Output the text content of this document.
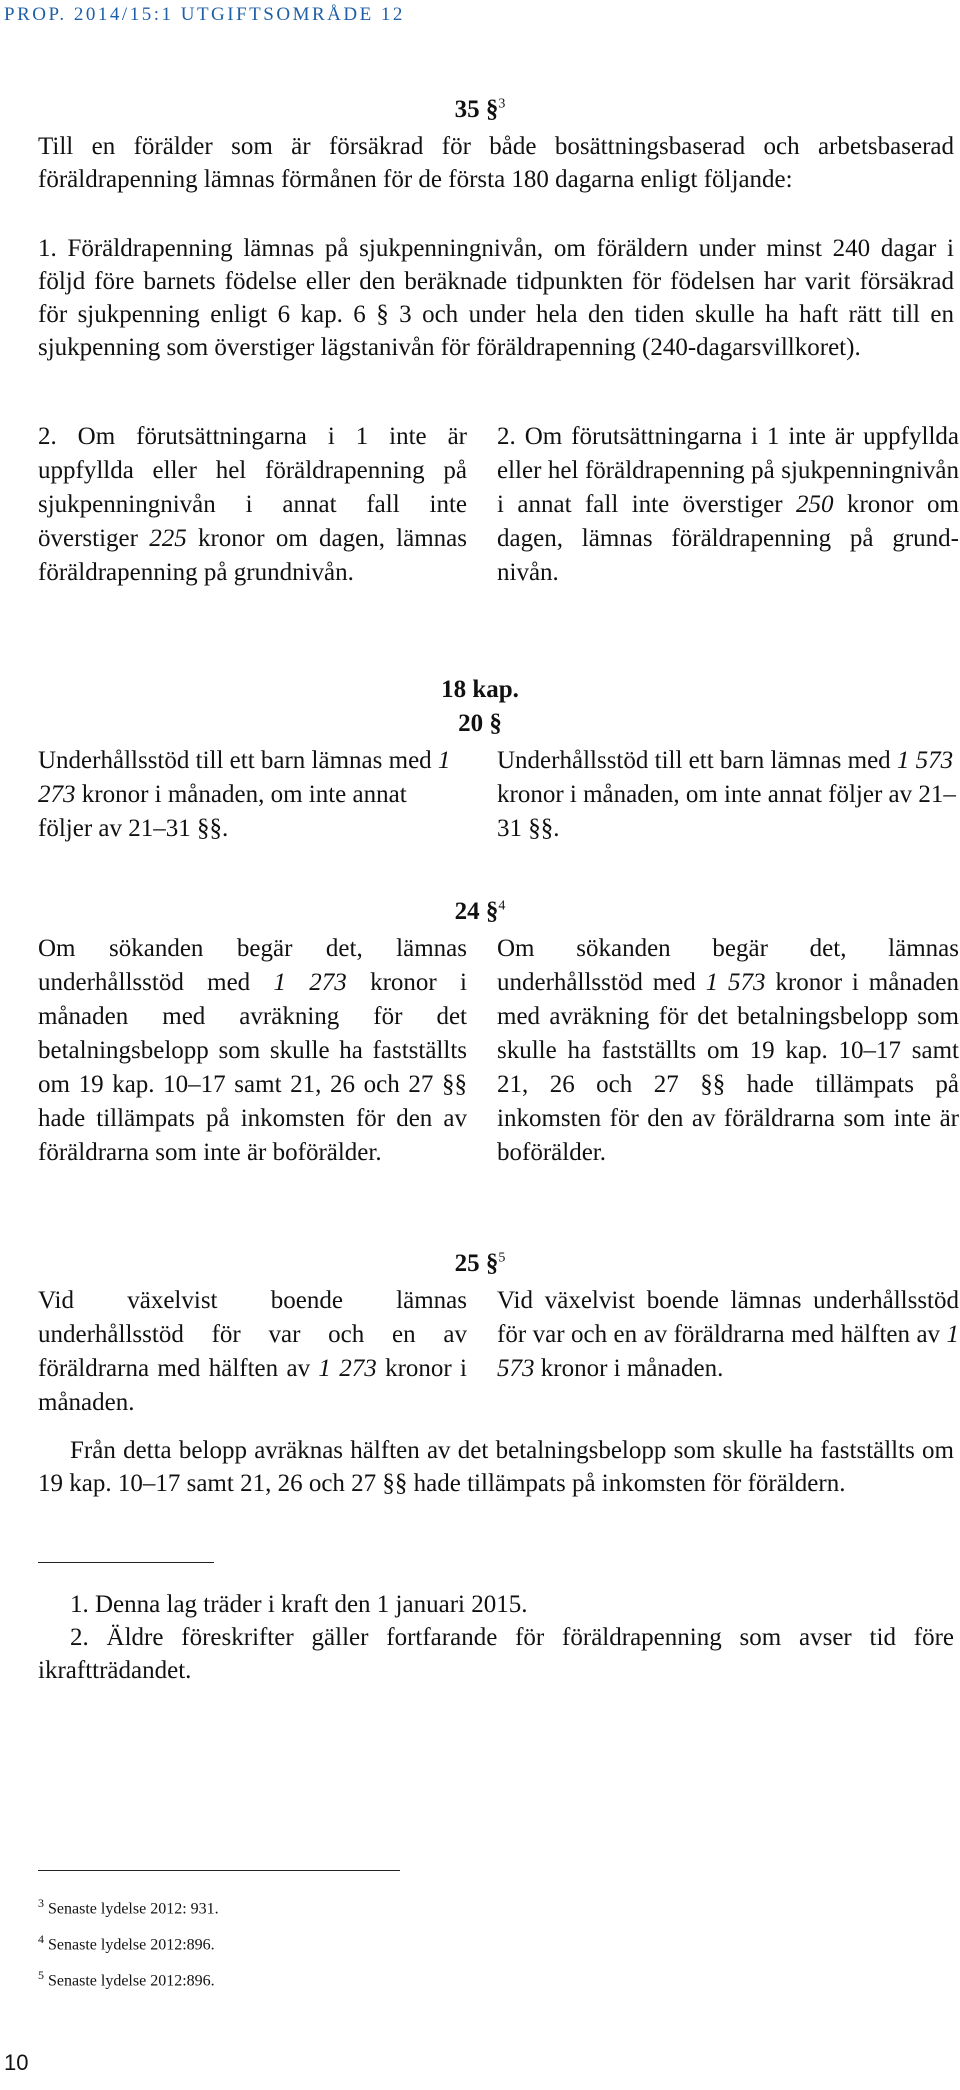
PROP. 2014/15:1 UTGIFTSOMRÅDE 12
35 §$^3$

Till en förälder som är försäkrad för både bosättningsbaserad och arbetsbaserad föräldrapenning lämnas förmånen för de första 180 dagarna enligt följande:

1. Föräldrapenning lämnas på sjukpenningnivån, om föräldern under minst 240 dagar i följd före barnets födelse eller den beräknade tidpunkten för födelsen har varit försäkrad för sjukpenning enligt 6 kap. 6 § 3 och under hela den tiden skulle ha haft rätt till en sjukpenning som överstiger lägstanivån för föräldrapenning (240-dagarsvillkoret).

2. Om förutsättningarna i 1 inte är uppfyllda eller hel föräldrapenning på sjukpenningnivån i annat fall inte överstiger 225 kronor om dagen, lämnas föräldrapenning på grundnivån.
2. Om förutsättningarna i 1 inte är uppfyllda eller hel föräldrapenning på sjukpenningnivån i annat fall inte överstiger 250 kronor om dagen, lämnas föräldrapenning på grundnivån.
18 kap.
20 §
Underhållsstöd till ett barn lämnas med 1 273 kronor i månaden, om inte annat följer av 21–31 §§.
Underhållsstöd till ett barn lämnas med 1 573 kronor i månaden, om inte annat följer av 21–31 §§.
24 §$^4$
Om sökanden begär det, lämnas underhållsstöd med 1 273 kronor i månaden med avräkning för det betalningsbelopp som skulle ha fastställts om 19 kap. 10–17 samt 21, 26 och 27 §§ hade tillämpats på inkomsten för den av föräldrarna som inte är boförälder.
Om sökanden begär det, lämnas underhållsstöd med 1 573 kronor i månaden med avräkning för det betalningsbelopp som skulle ha fastställts om 19 kap. 10–17 samt 21, 26 och 27 §§ hade tillämpats på inkomsten för den av föräldrarna som inte är boförälder.
25 §$^5$
Vid växelvist boende lämnas underhållsstöd för var och en av föräldrarna med hälften av 1 273 kronor i månaden.
Vid växelvist boende lämnas underhållsstöd för var och en av föräldrarna med hälften av 1 573 kronor i månaden.

Från detta belopp avräknas hälften av det betalningsbelopp som skulle ha fastställts om 19 kap. 10–17 samt 21, 26 och 27 §§ hade tillämpats på inkomsten för föräldern.

1. Denna lag träder i kraft den 1 januari 2015.

2. Äldre föreskrifter gäller fortfarande för föräldrapenning som avser tid före ikraftträdandet.

$^3$ Senaste lydelse 2012: 931.
$^4$ Senaste lydelse 2012:896.
$^5$ Senaste lydelse 2012:896.
10
